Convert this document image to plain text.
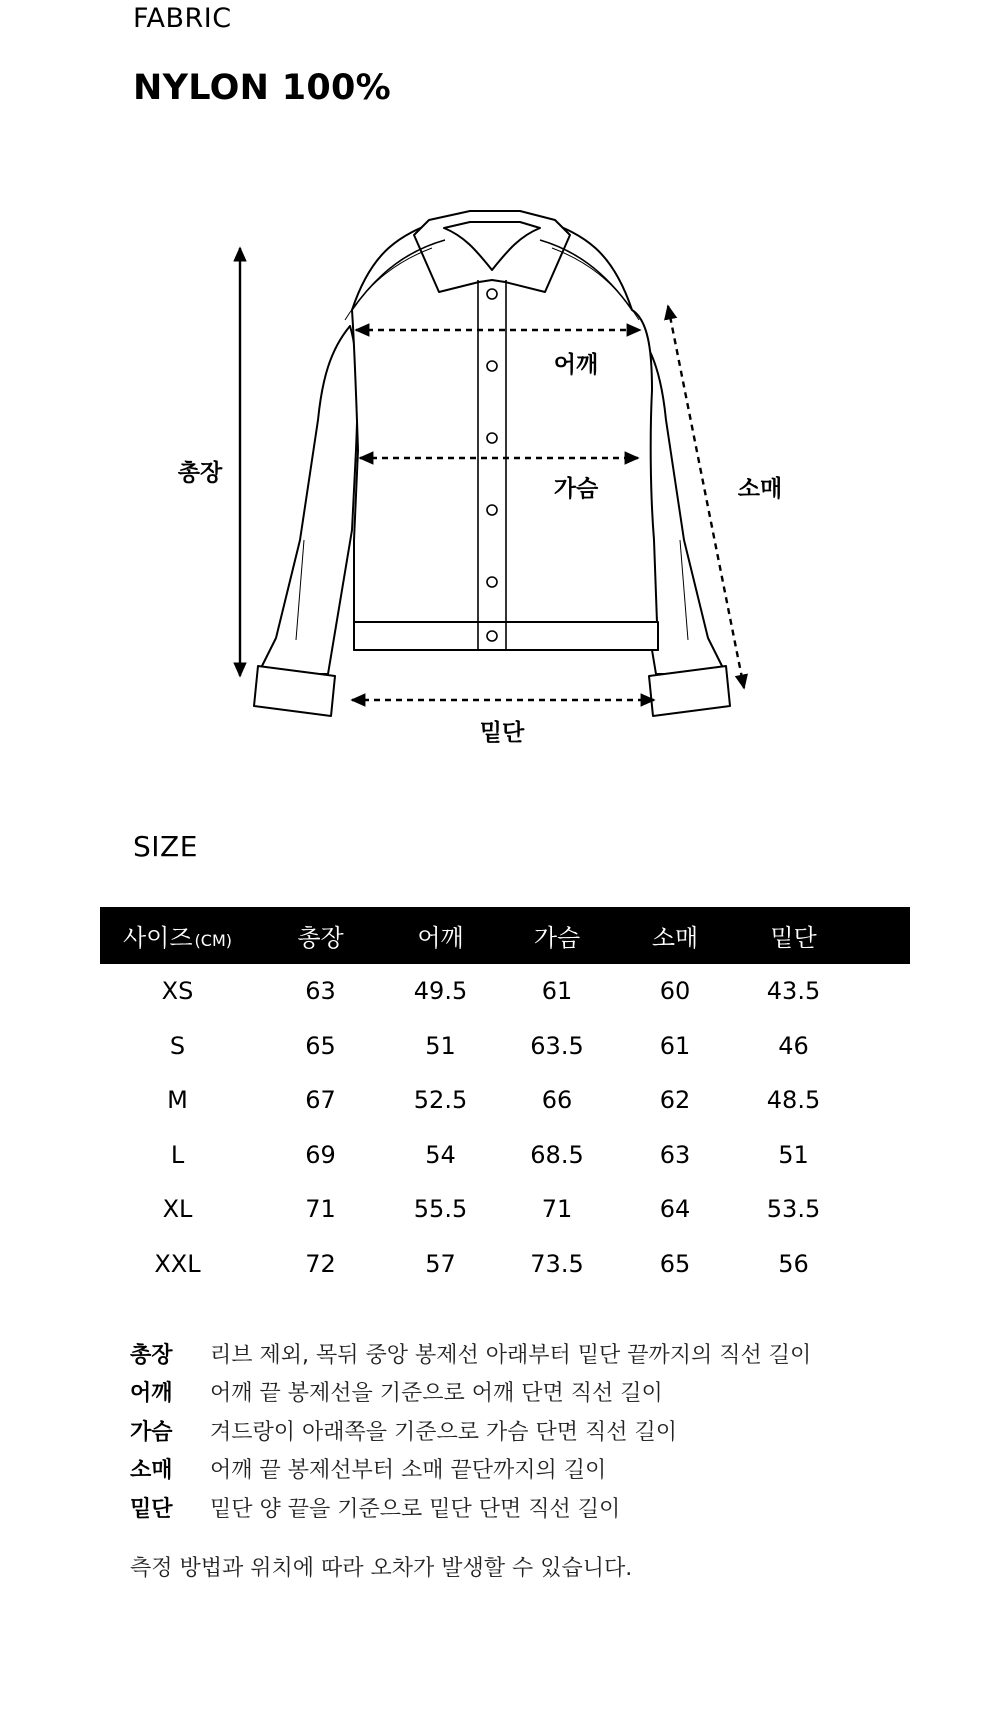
FABRIC
NYLON 100%
총장
어깨
가슴	소매
밑단
SIZE
사이즈 (CM)	총장	어깨	가슴	소매	밑단
XS	63	49.5	61	60	43.5
S	65	51	63.5	61	46
M	67	52.5	66	62	48.5
L	69	54	68.5	63	51
XL	71	55.5	71	64	53.5
XXL	72	57	73.5	65	56
총장	리브 제외, 목뒤 중앙 봉제선 아래부터 밑단 끝까지의 직선 길이
어깨	어깨 끝 봉제선을 기준으로 어깨 단면 직선 길이
가슴	겨드랑이 아래쪽을 기준으로 가슴 단면 직선 길이
소매	어깨 끝 봉제선부터 소매 끝단까지의 길이
밑단	밑단 양 끝을 기준으로 밑단 단면 직선 길이
측정 방법과 위치에 따라 오차가 발생할 수 있습니다.
